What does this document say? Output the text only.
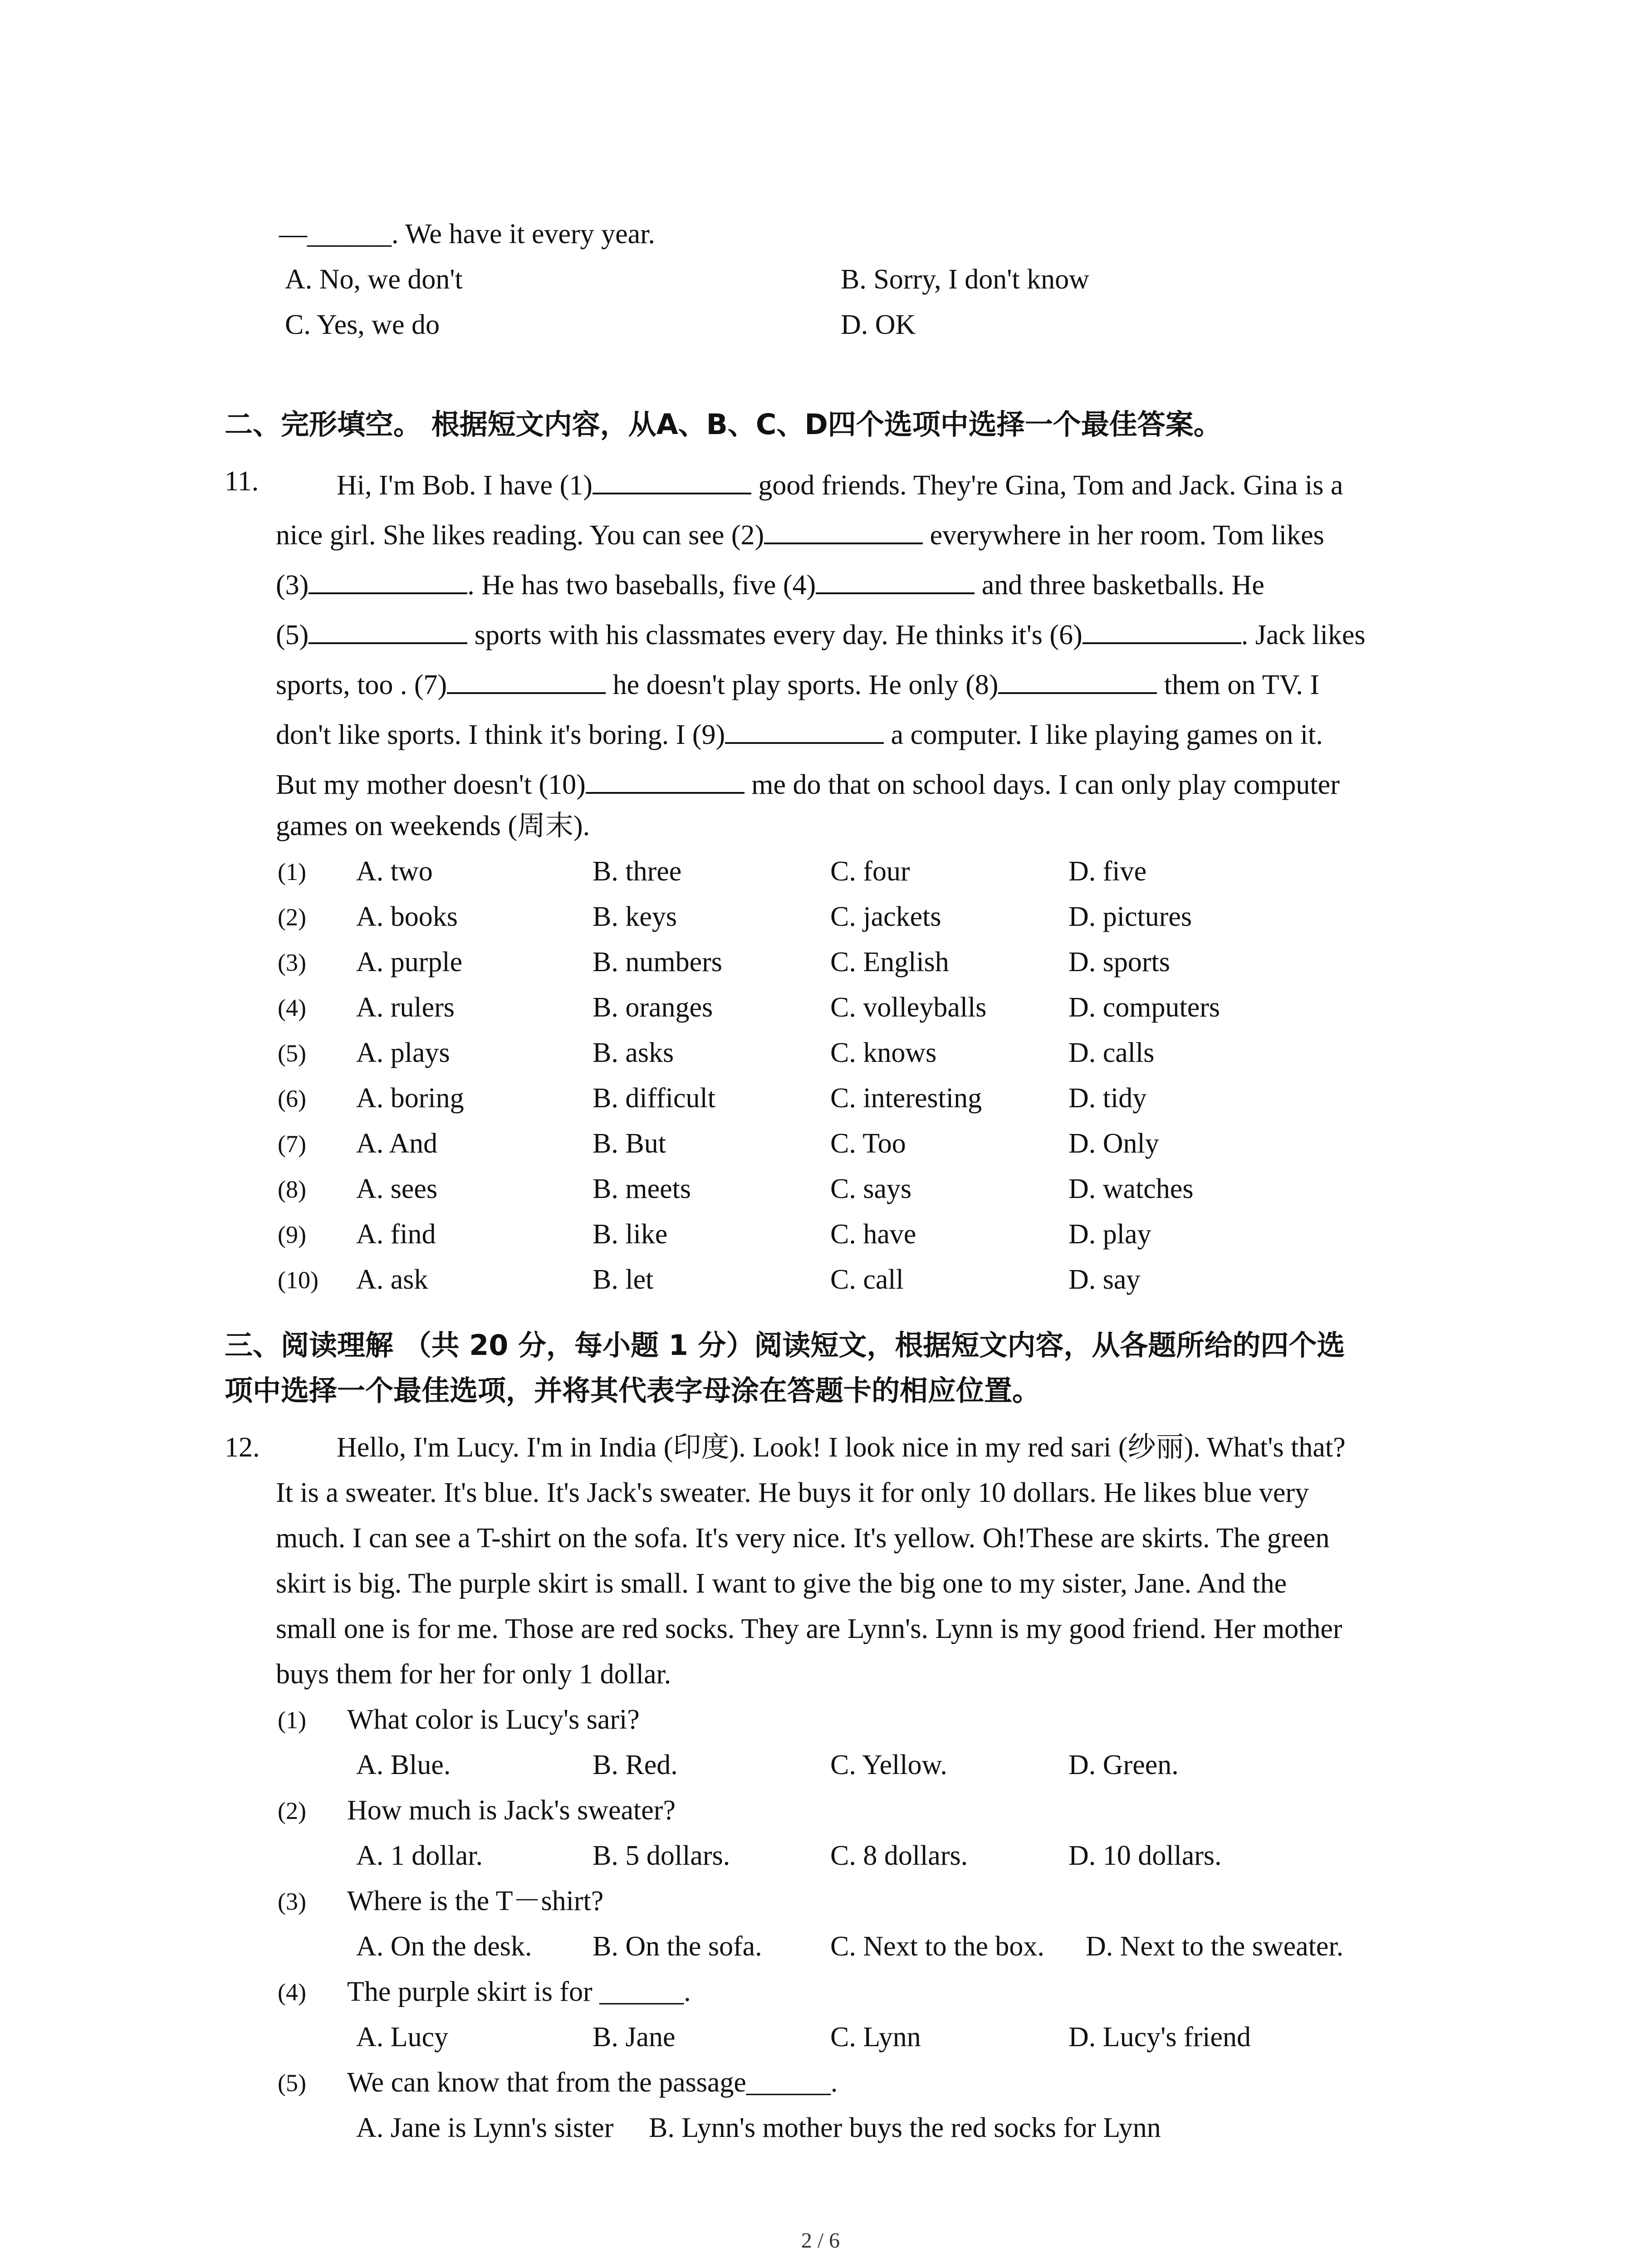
—______. We have it every year.
A. No, we don't	B. Sorry, I don't know
C. Yes, we do	D. OK
二、完形填空。 根据短文内容，从A、B、C、D四个选项中选择一个最佳答案。
11.	Hi, I'm Bob. I have (1)	good friends. They're Gina, Tom and Jack. Gina is a
nice girl. She likes reading. You can see (2)	everywhere in her room. Tom likes
(3)	. He has two baseballs, five (4)	and three basketballs. He
(5)	sports with his classmates every day. He thinks it's (6)	. Jack likes
sports, too . (7)	he doesn't play sports. He only (8)	them on TV. I
don't like sports. I think it's boring. I (9)	a computer. I like playing games on it.
But my mother doesn't (10)	me do that on school days. I can only play computer
games on weekends (周末).
(1) A. two	B. three	C. four	D. five
(2) A. books	B. keys	C. jackets	D. pictures
(3) A. purple	B. numbers	C. English	D. sports
(4) A. rulers	B. oranges	C. volleyballs	D. computers
(5) A. plays	B. asks	C. knows	D. calls
(6) A. boring	B. difficult	C. interesting	D. tidy
(7) A. And	B. But	C. Too	D. Only
(8) A. sees	B. meets	C. says	D. watches
(9) A. find	B. like	C. have	D. play
(10) A. ask	B. let	C. call	D. say
三、阅读理解 （共 20 分，每小题 1 分）阅读短文，根据短文内容，从各题所给的四个选
项中选择一个最佳选项，并将其代表字母涂在答题卡的相应位置。
12.	Hello, I'm Lucy. I'm in India (印度). Look! I look nice in my red sari (纱丽). What's that?
It is a sweater. It's blue. It's Jack's sweater. He buys it for only 10 dollars. He likes blue very
much. I can see a T-shirt on the sofa. It's very nice. It's yellow. Oh!These are skirts. The green
skirt is big. The purple skirt is small. I want to give the big one to my sister, Jane. And the
small one is for me. Those are red socks. They are Lynn's. Lynn is my good friend. Her mother
buys them for her for only 1 dollar.
(1) What color is Lucy's sari?
A. Blue.	B. Red.	C. Yellow.	D. Green.
(2) How much is Jack's sweater?
A. 1 dollar.	B. 5 dollars.	C. 8 dollars.	D. 10 dollars.
(3) Where is the T－shirt?
A. On the desk. B. On the sofa. C. Next to the box. D. Next to the sweater.
(4) The purple skirt is for ______.
A. Lucy	B. Jane	C. Lynn	D. Lucy's friend
(5) We can know that from the passage______.
A. Jane is Lynn's sister B. Lynn's mother buys the red socks for Lynn
2 / 6
